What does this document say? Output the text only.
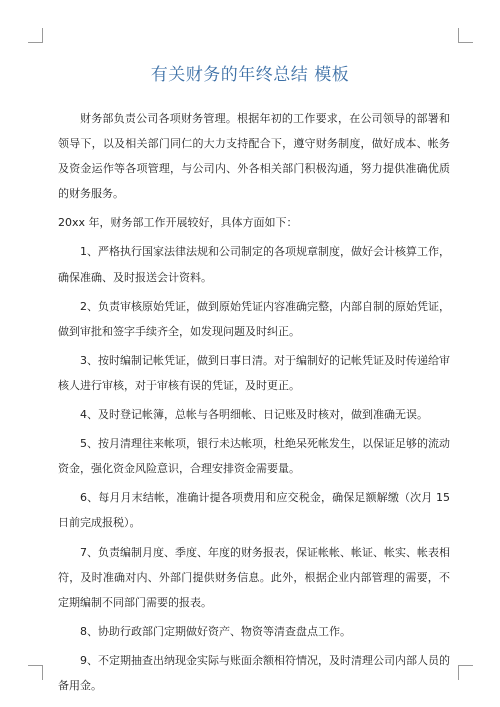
有关财务的年终总结 模板

财务部负责公司各项财务管理。根据年初的工作要求，在公司领导的部署和领导下，以及相关部门同仁的大力支持配合下，遵守财务制度，做好成本、帐务及资金运作等各项管理，与公司内、外各相关部门积极沟通，努力提供准确优质的财务服务。

20xx 年，财务部工作开展较好，具体方面如下：

1、严格执行国家法律法规和公司制定的各项规章制度，做好会计核算工作，确保准确、及时报送会计资料。

2、负责审核原始凭证，做到原始凭证内容准确完整，内部自制的原始凭证，做到审批和签字手续齐全，如发现问题及时纠正。

3、按时编制记帐凭证，做到日事日清。对于编制好的记帐凭证及时传递给审核人进行审核，对于审核有误的凭证，及时更正。

4、及时登记帐簿，总帐与各明细帐、日记账及时核对，做到准确无误。

5、按月清理往来帐项，银行未达帐项，杜绝呆死帐发生，以保证足够的流动资金，强化资金风险意识，合理安排资金需要量。

6、每月月末结帐，准确计提各项费用和应交税金，确保足额解缴（次月 15 日前完成报税）。

7、负责编制月度、季度、年度的财务报表，保证帐帐、帐证、帐实、帐表相符，及时准确对内、外部门提供财务信息。此外，根据企业内部管理的需要，不定期编制不同部门需要的报表。

8、协助行政部门定期做好资产、物资等清查盘点工作。

9、不定期抽查出纳现金实际与账面余额相符情况，及时清理公司内部人员的备用金。
